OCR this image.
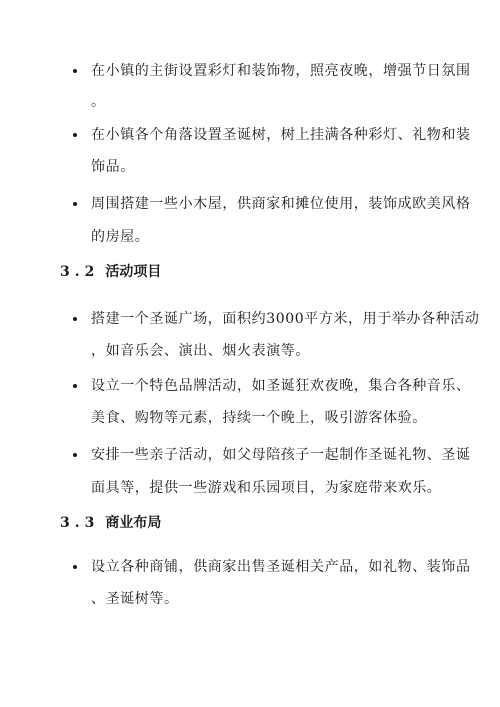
在小镇的主街设置彩灯和装饰物，照亮夜晚，增强节日氛围
。
在小镇各个角落设置圣诞树，树上挂满各种彩灯、礼物和装
饰品。
周围搭建一些小木屋，供商家和摊位使用，装饰成欧美风格
的房屋。
3.2 活动项目
搭建一个圣诞广场，面积约3000平方米，用于举办各种活动
，如音乐会、演出、烟火表演等。
设立一个特色品牌活动，如圣诞狂欢夜晚，集合各种音乐、
美食、购物等元素，持续一个晚上，吸引游客体验。
安排一些亲子活动，如父母陪孩子一起制作圣诞礼物、圣诞
面具等，提供一些游戏和乐园项目，为家庭带来欢乐。
3.3 商业布局
设立各种商铺，供商家出售圣诞相关产品，如礼物、装饰品
、圣诞树等。
